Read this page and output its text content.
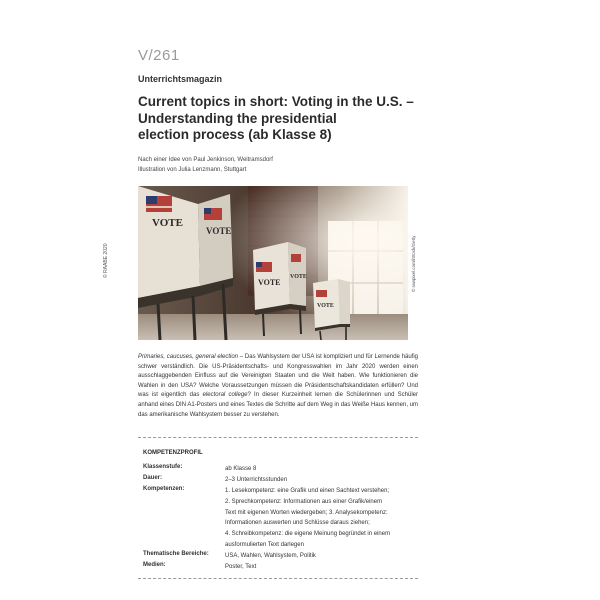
V/261
Unterrichtsmagazin
Current topics in short: Voting in the U.S. –
Understanding the presidential
election process (ab Klasse 8)
Nach einer Idee von Paul Jenkinson, Weitramsdorf
Illustration von Julia Lenzmann, Stuttgart
© RAABE 2020	© rawpixel.com/iStock/Getty
VOTE
VOTE
VOTE
VOTE
VOTE
Primaries, caucuses, general election – Das Wahlsystem der USA ist kompliziert und für Lernende häufig schwer verständlich. Die US-Präsidentschafts- und Kongresswahlen im Jahr 2020 werden einen ausschlaggebenden Einfluss auf die Vereinigten Staaten und die Welt haben. Wie funktionieren die Wahlen in den USA? Welche Voraussetzungen müssen die Präsidentschaftskandidaten erfüllen? Und was ist eigentlich das electoral college? In dieser Kurzeinheit lernen die Schülerinnen und Schüler anhand eines DIN A1-Posters und eines Textes die Schritte auf dem Weg in das Weiße Haus kennen, um das amerikanische Wahlsystem besser zu verstehen.
KOMPETENZPROFIL
Klassenstufe:	ab Klasse 8
Dauer:	2–3 Unterrichtsstunden
Kompetenzen:	1. Lesekompetenz: eine Grafik und einen Sachtext verstehen;
2. Sprechkompetenz: Informationen aus einer Grafik/einem
Text mit eigenen Worten wiedergeben; 3. Analysekompetenz:
Informationen auswerten und Schlüsse daraus ziehen;
4. Schreibkompetenz: die eigene Meinung begründet in einem
ausformulierten Text darlegen
Thematische Bereiche:	USA, Wahlen, Wahlsystem, Politik
Medien:	Poster, Text
